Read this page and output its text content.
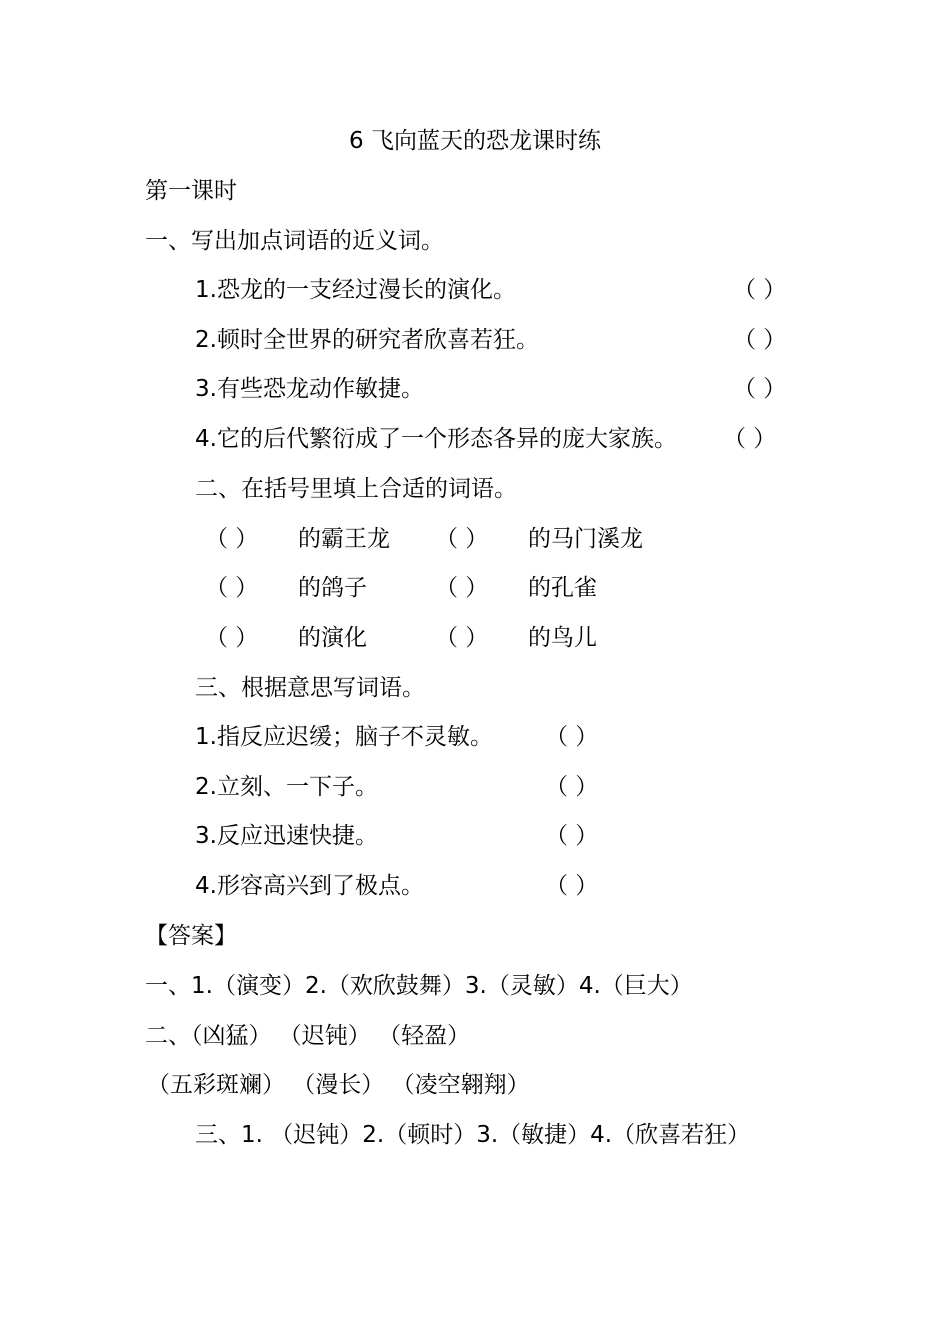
6 飞向蓝天的恐龙课时练
第一课时
一、写出加点词语的近义词。
1.恐龙的一支经过漫长的演化。	（ ）
2.顿时全世界的研究者欣喜若狂。	（ ）
3.有些恐龙动作敏捷。	（ ）
4.它的后代繁衍成了一个形态各异的庞大家族。 （ ）
二、在括号里填上合适的词语。
（ ） 的霸王龙 （ ） 的马门溪龙
（ ） 的鸽子	（ ） 的孔雀
（ ） 的演化	（ ） 的鸟儿
三、根据意思写词语。
1.指反应迟缓；脑子不灵敏。 （ ）
2.立刻、一下子。	（ ）
3.反应迅速快捷。	（ ）
4.形容高兴到了极点。	（ ）
【答案】
一、1.（演变）2.（欢欣鼓舞）3.（灵敏）4.（巨大）
二、（凶猛） （迟钝） （轻盈）
（五彩斑斓） （漫长） （凌空翱翔）
三、1. （迟钝）2.（顿时）3.（敏捷）4.（欣喜若狂）
